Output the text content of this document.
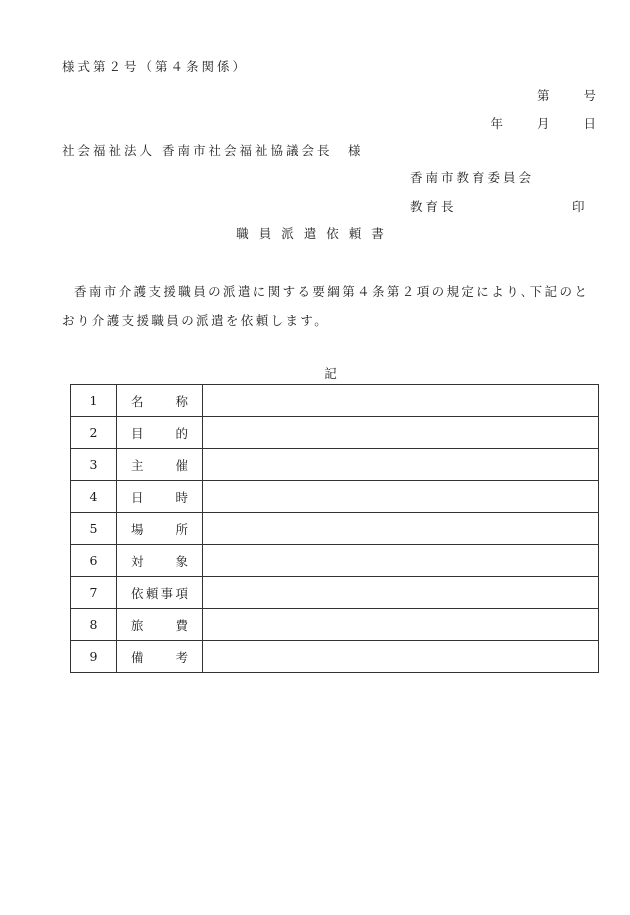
様式第２号（第４条関係）
第　　号
年　　月　　日
社会福祉法人 香南市社会福祉協議会長　様
香南市教育委員会
教育長	印
職員派遣依頼書
香南市介護支援職員の派遣に関する要綱第４条第２項の規定により､下記のとおり介護支援職員の派遣を依頼します。
記
1	名 称	

2	目 的	

3	主 催	

4	日 時	

5	場 所	

6	対 象	

7	依 頼 事 項	

8	旅 費	

9	備 考	
